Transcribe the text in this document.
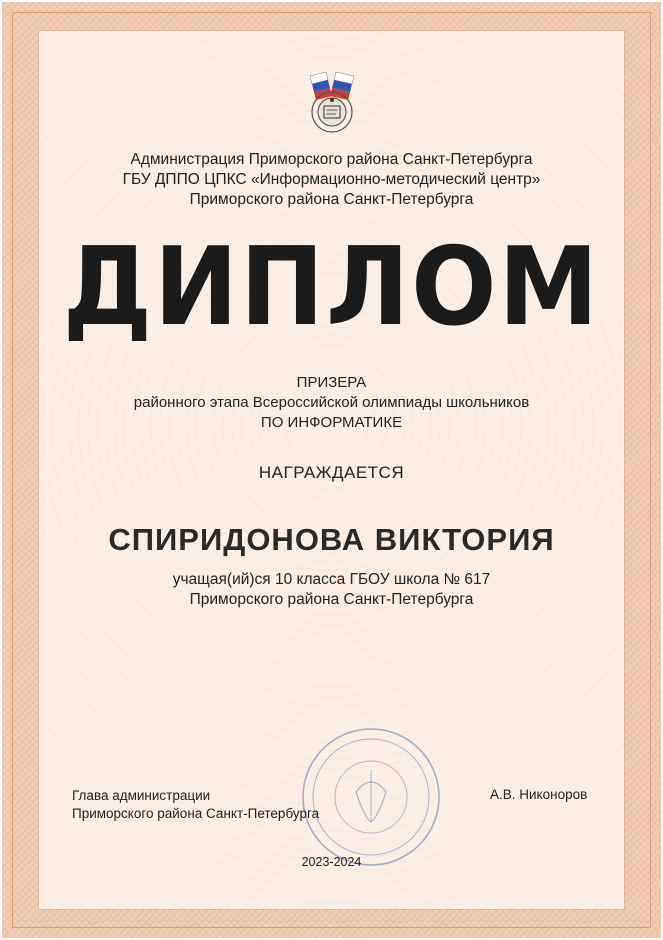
Администрация Приморского района Санкт-Петербурга
ГБУ ДППО ЦПКС «Информационно-методический центр»
Приморского района Санкт-Петербурга
ДИПЛОМ
ПРИЗЕРА
районного этапа Всероссийской олимпиады школьников
ПО ИНФОРМАТИКЕ
НАГРАЖДАЕТСЯ
СПИРИДОНОВА ВИКТОРИЯ
учащая(ий)ся 10 класса ГБОУ школа № 617
Приморского района Санкт-Петербурга
Глава администрации
Приморского района Санкт-Петербурга
А.В. Никоноров
2023-2024
